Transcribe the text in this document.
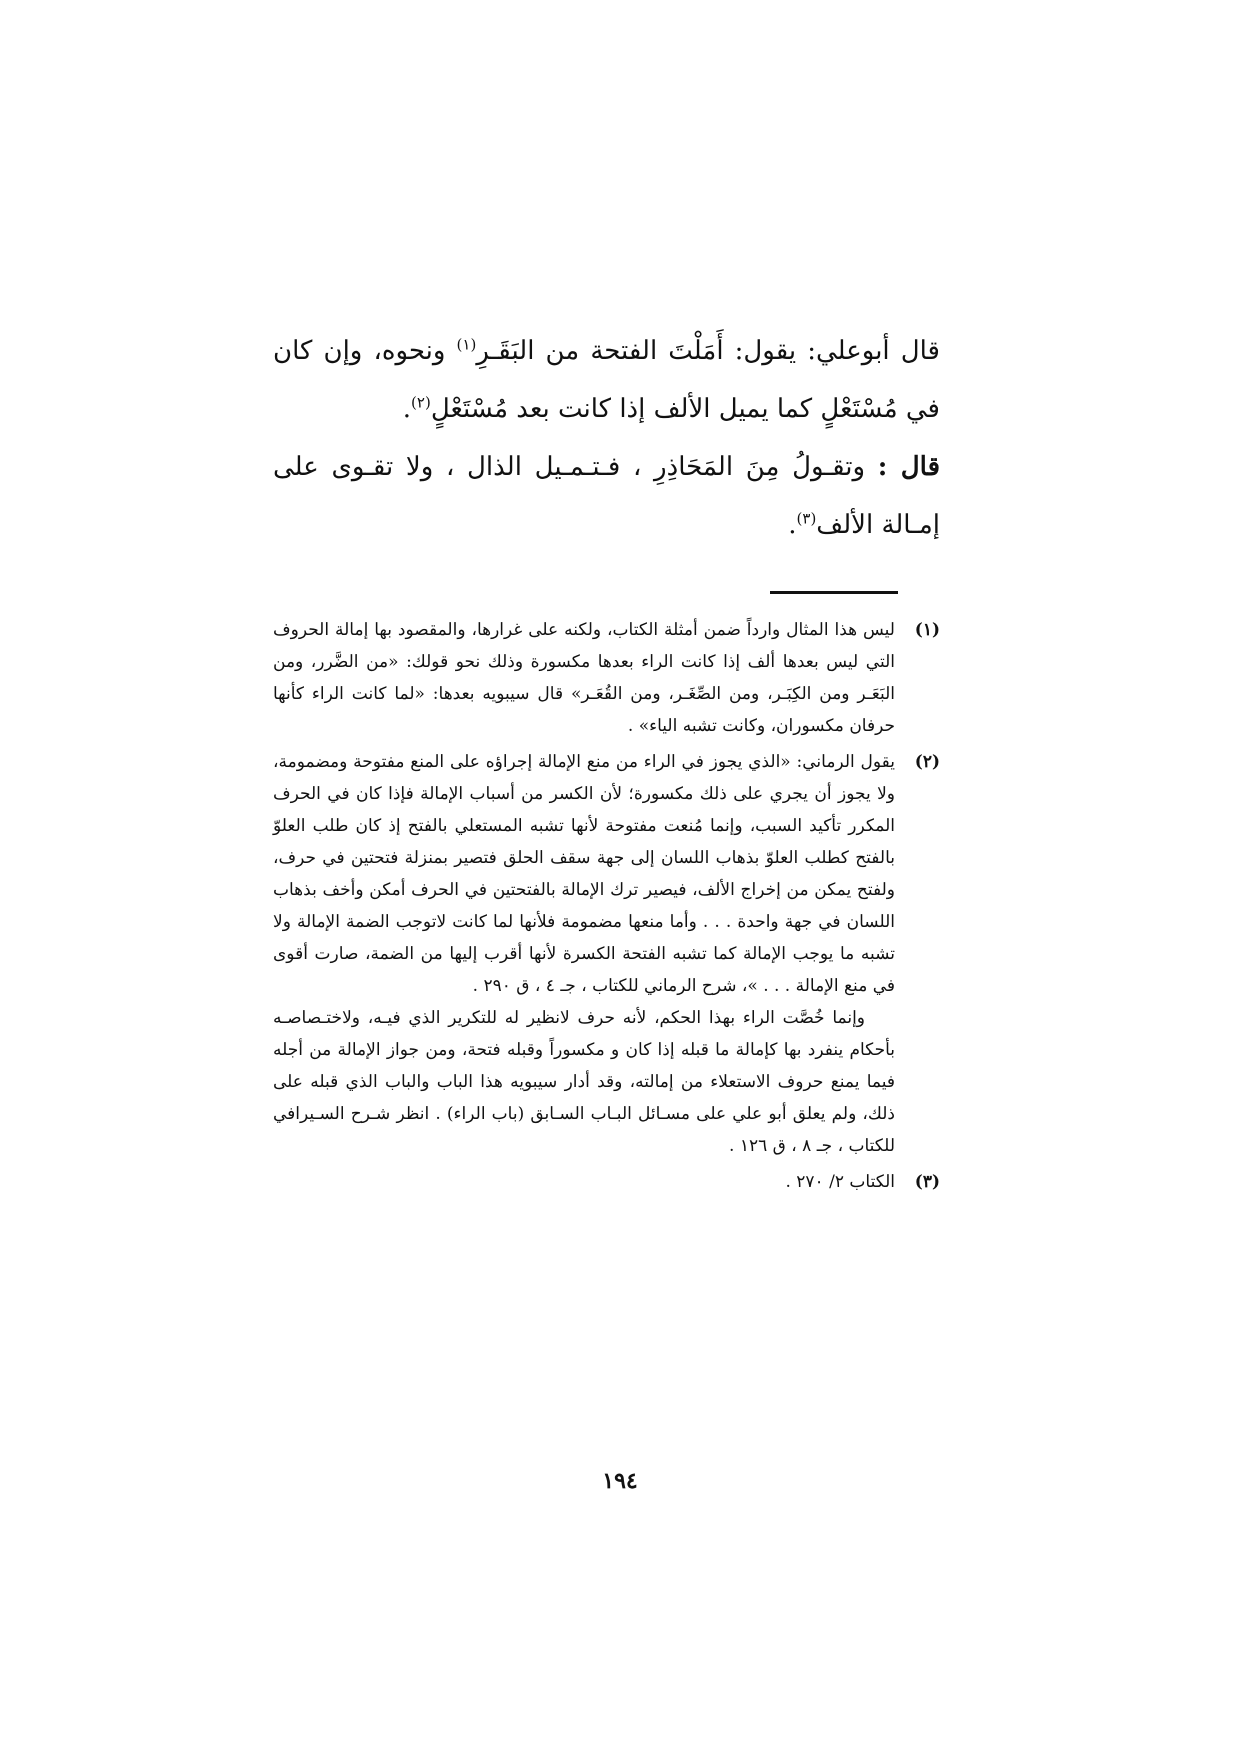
قال أبوعلي: يقول: أَمَلْتَ الفتحة من البَقَـرِ$^{(١)}$ ونحوه، وإن كان في مُسْتَعْلٍ كما يميل الألف إذا كانت بعد مُسْتَعْلٍ$^{(٢)}$.

قال : وتقـولُ مِنَ المَحَاذِرِ ، فـتـمـيل الذال ، ولا تقـوى على إمـالة الألف$^{(٣)}$.

(١)

ليس هذا المثال وارداً ضمن أمثلة الكتاب، ولكنه على غرارها، والمقصود بها إمالة الحروف التي ليس بعدها ألف إذا كانت الراء بعدها مكسورة وذلك نحو قولك: «من الضَّرر، ومن البَعَـر ومن الكِبَـر، ومن الصِّغَـر، ومن القُعَـر» قال سيبويه بعدها: «لما كانت الراء كأنها حرفان مكسوران، وكانت تشبه الياء» .

(٢)

يقول الرماني: «الذي يجوز في الراء من منع الإمالة إجراؤه على المنع مفتوحة ومضمومة، ولا يجوز أن يجري على ذلك مكسورة؛ لأن الكسر من أسباب الإمالة فإذا كان في الحرف المكرر تأكيد السبب، وإنما مُنعت مفتوحة لأنها تشبه المستعلي بالفتح إذ كان طلب العلوّ بالفتح كطلب العلوّ بذهاب اللسان إلى جهة سقف الحلق فتصير بمنزلة فتحتين في حرف، ولفتح يمكن من إخراج الألف، فيصير ترك الإمالة بالفتحتين في الحرف أمكن وأخف بذهاب اللسان في جهة واحدة . . . وأما منعها مضمومة فلأنها لما كانت لاتوجب الضمة الإمالة ولا تشبه ما يوجب الإمالة كما تشبه الفتحة الكسرة لأنها أقرب إليها من الضمة، صارت أقوى في منع الإمالة . . . »، شرح الرماني للكتاب ، جـ ٤ ، ق ٢٩٠ .

وإنما خُصَّت الراء بهذا الحكم، لأنه حرف لانظير له للتكرير الذي فيـه، ولاختـصاصـه بأحكام ينفرد بها كإمالة ما قبله إذا كان و مكسوراً وقبله فتحة، ومن جواز الإمالة من أجله فيما يمنع حروف الاستعلاء من إمالته، وقد أدار سيبويه هذا الباب والباب الذي قبله على ذلك، ولم يعلق أبو علي على مسـائل البـاب السـابق (باب الراء) . انظر شـرح السـيرافي للكتاب ، جـ ٨ ، ق ١٢٦ .

(٣)

الكتاب ٢/ ٢٧٠ .

١٩٤
